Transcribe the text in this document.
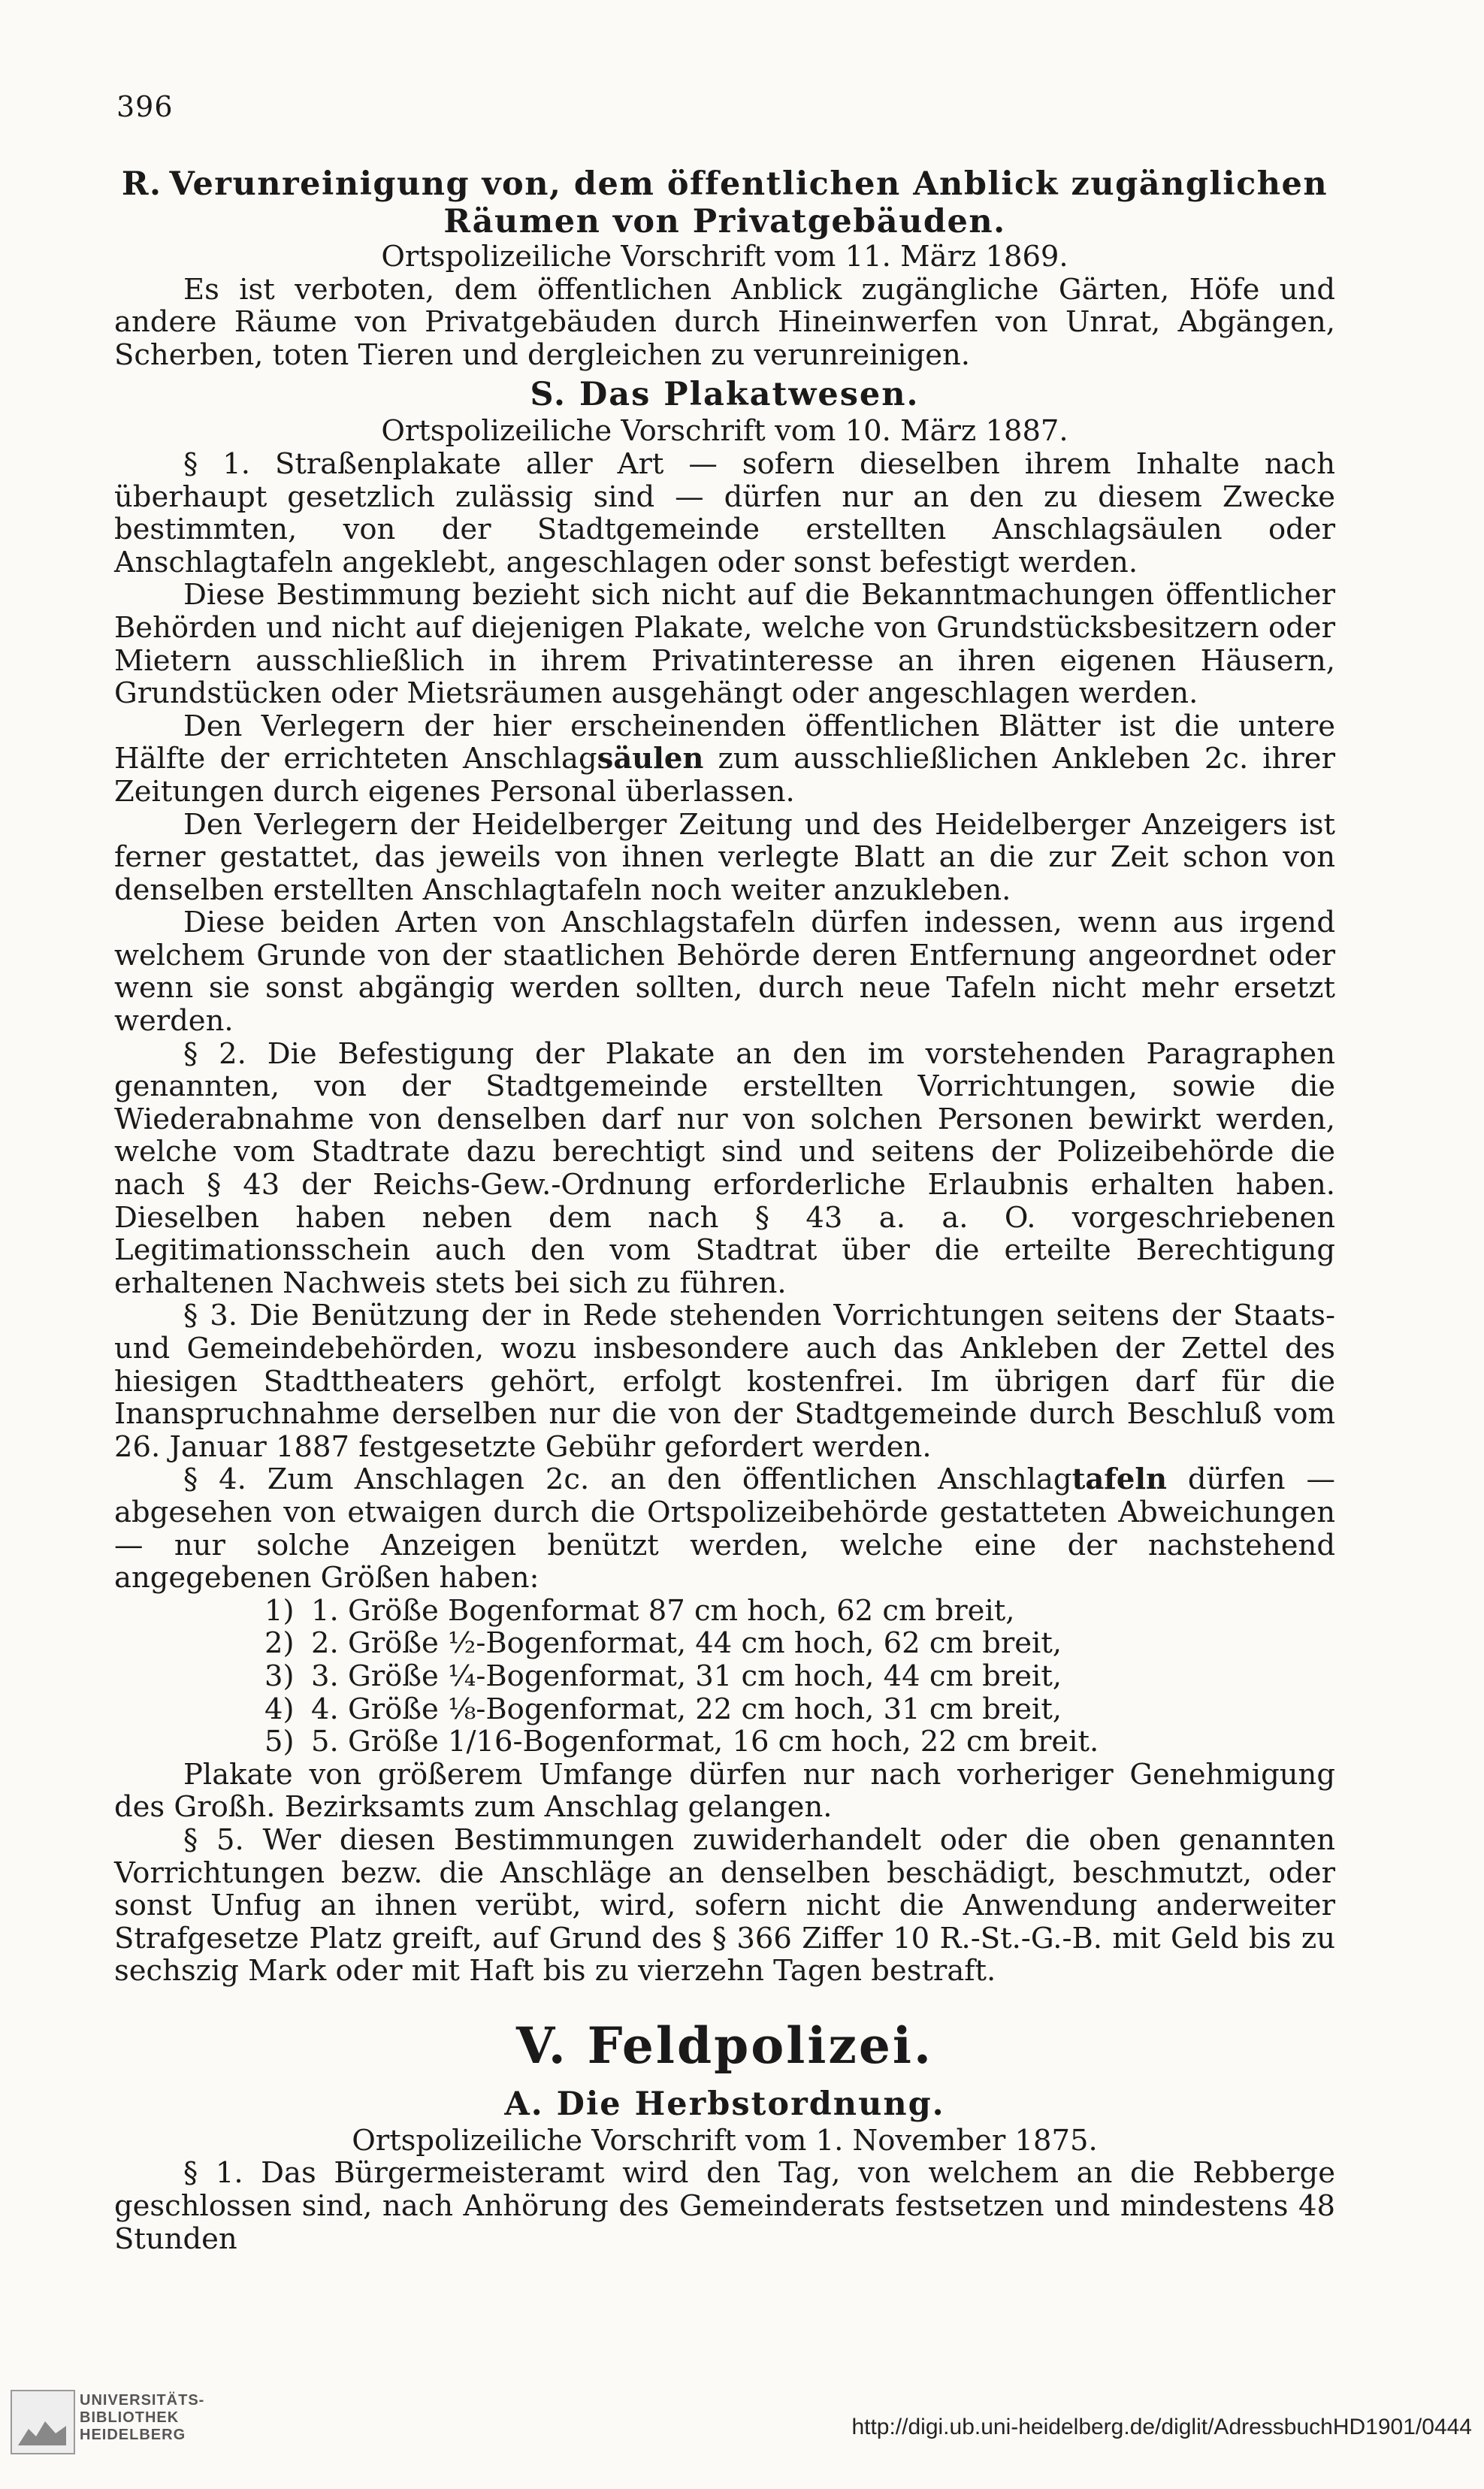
396
R. Verunreinigung von, dem öffentlichen Anblick zugänglichen
Räumen von Privatgebäuden.

Ortspolizeiliche Vorschrift vom 11. März 1869.

Es ist verboten, dem öffentlichen Anblick zugängliche Gärten, Höfe und andere Räume von Privatgebäuden durch Hineinwerfen von Unrat, Abgängen, Scherben, toten Tieren und dergleichen zu verunreinigen.

S. Das Plakatwesen.

Ortspolizeiliche Vorschrift vom 10. März 1887.

§ 1. Straßenplakate aller Art — sofern dieselben ihrem Inhalte nach überhaupt gesetzlich zulässig sind — dürfen nur an den zu diesem Zwecke bestimmten, von der Stadtgemeinde erstellten Anschlagsäulen oder Anschlagtafeln angeklebt, angeschlagen oder sonst befestigt werden.

Diese Bestimmung bezieht sich nicht auf die Bekanntmachungen öffentlicher Behörden und nicht auf diejenigen Plakate, welche von Grundstücksbesitzern oder Mietern ausschließlich in ihrem Privatinteresse an ihren eigenen Häusern, Grundstücken oder Mietsräumen ausgehängt oder angeschlagen werden.

Den Verlegern der hier erscheinenden öffentlichen Blätter ist die untere Hälfte der errichteten Anschlagsäulen zum ausschließlichen Ankleben 2c. ihrer Zeitungen durch eigenes Personal überlassen.

Den Verlegern der Heidelberger Zeitung und des Heidelberger Anzeigers ist ferner gestattet, das jeweils von ihnen verlegte Blatt an die zur Zeit schon von denselben erstellten Anschlagtafeln noch weiter anzukleben.

Diese beiden Arten von Anschlagstafeln dürfen indessen, wenn aus irgend welchem Grunde von der staatlichen Behörde deren Entfernung angeordnet oder wenn sie sonst abgängig werden sollten, durch neue Tafeln nicht mehr ersetzt werden.

§ 2. Die Befestigung der Plakate an den im vorstehenden Paragraphen genannten, von der Stadtgemeinde erstellten Vorrichtungen, sowie die Wiederabnahme von denselben darf nur von solchen Personen bewirkt werden, welche vom Stadtrate dazu berechtigt sind und seitens der Polizeibehörde die nach § 43 der Reichs-Gew.-Ordnung erforderliche Erlaubnis erhalten haben. Dieselben haben neben dem nach § 43 a. a. O. vorgeschriebenen Legitimationsschein auch den vom Stadtrat über die erteilte Berechtigung erhaltenen Nachweis stets bei sich zu führen.

§ 3. Die Benützung der in Rede stehenden Vorrichtungen seitens der Staats- und Gemeindebehörden, wozu insbesondere auch das Ankleben der Zettel des hiesigen Stadttheaters gehört, erfolgt kostenfrei. Im übrigen darf für die Inanspruchnahme derselben nur die von der Stadtgemeinde durch Beschluß vom 26. Januar 1887 festgesetzte Gebühr gefordert werden.

§ 4. Zum Anschlagen 2c. an den öffentlichen Anschlagtafeln dürfen — abgesehen von etwaigen durch die Ortspolizeibehörde gestatteten Abweichungen — nur solche Anzeigen benützt werden, welche eine der nachstehend angegebenen Größen haben:

1) 1. Größe Bogenformat 87 cm hoch, 62 cm breit,
2) 2. Größe ½-Bogenformat, 44 cm hoch, 62 cm breit,
3) 3. Größe ¼-Bogenformat, 31 cm hoch, 44 cm breit,
4) 4. Größe ⅛-Bogenformat, 22 cm hoch, 31 cm breit,
5) 5. Größe 1/16-Bogenformat, 16 cm hoch, 22 cm breit.

Plakate von größerem Umfange dürfen nur nach vorheriger Genehmigung des Großh. Bezirksamts zum Anschlag gelangen.

§ 5. Wer diesen Bestimmungen zuwiderhandelt oder die oben genannten Vorrichtungen bezw. die Anschläge an denselben beschädigt, beschmutzt, oder sonst Unfug an ihnen verübt, wird, sofern nicht die Anwendung anderweiter Strafgesetze Platz greift, auf Grund des § 366 Ziffer 10 R.-St.-G.-B. mit Geld bis zu sechszig Mark oder mit Haft bis zu vierzehn Tagen bestraft.

V. Feldpolizei.
A. Die Herbstordnung.

Ortspolizeiliche Vorschrift vom 1. November 1875.

§ 1. Das Bürgermeisteramt wird den Tag, von welchem an die Rebberge geschlossen sind, nach Anhörung des Gemeinderats festsetzen und mindestens 48 Stunden

UNIVERSITÄTS-
BIBLIOTHEK
HEIDELBERG	http://digi.ub.uni-heidelberg.de/diglit/AdressbuchHD1901/0444
